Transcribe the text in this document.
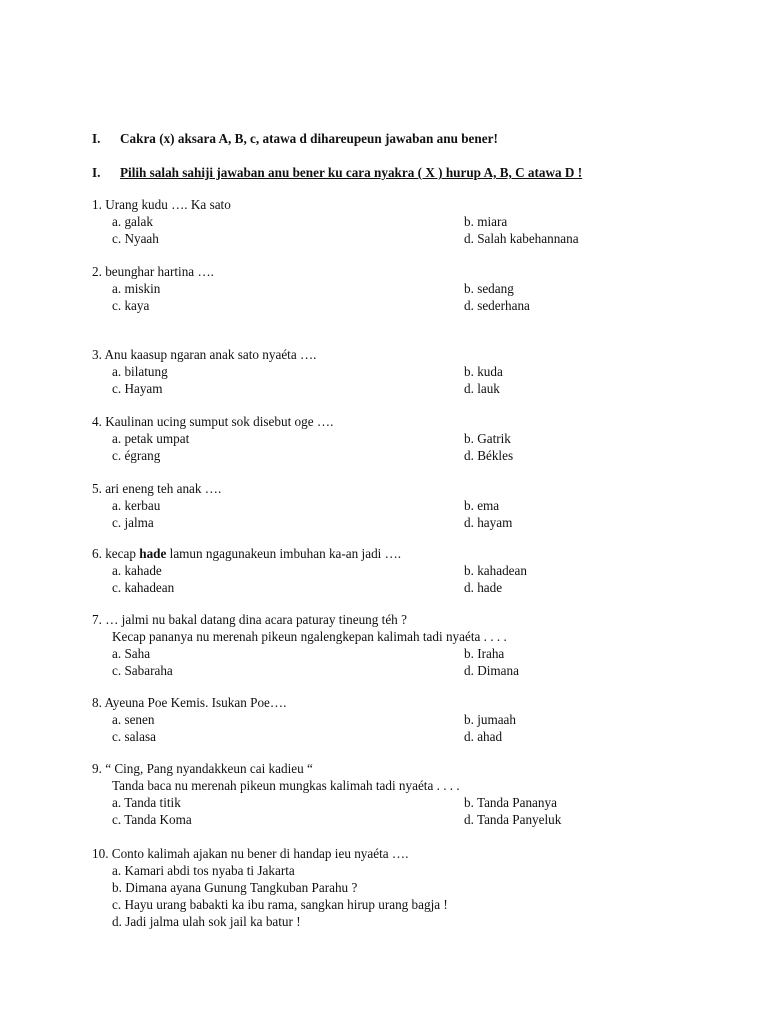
I. Cakra (x) aksara A, B, c, atawa d dihareupeun jawaban anu bener!
I. Pilih salah sahiji jawaban anu bener ku cara nyakra ( X ) hurup A, B, C atawa D !
1. Urang kudu …. Ka sato
a. galak	b. miara
c. Nyaah	d. Salah kabehannana
2. beunghar hartina ….
a. miskin	b. sedang
c. kaya	d. sederhana
3. Anu kaasup ngaran anak sato nyaéta ….
a. bilatung	b. kuda
c. Hayam	d. lauk
4. Kaulinan ucing sumput sok disebut oge ….
a. petak umpat	b. Gatrik
c. égrang	d. Békles
5. ari eneng teh anak ….
a. kerbau	b. ema
c. jalma	d. hayam
6. kecap hade lamun ngagunakeun imbuhan ka-an jadi ….
a. kahade	b. kahadean
c. kahadean	d. hade
7. … jalmi nu bakal datang dina acara paturay tineung téh ?
Kecap pananya nu merenah pikeun ngalengkepan kalimah tadi nyaéta . . . .
a. Saha	b. Iraha
c. Sabaraha	d. Dimana
8. Ayeuna Poe Kemis. Isukan Poe….
a. senen	b. jumaah
c. salasa	d. ahad
9. “ Cing, Pang nyandakkeun cai kadieu “
Tanda baca nu merenah pikeun mungkas kalimah tadi nyaéta . . . .
a. Tanda titik	b. Tanda Pananya
c. Tanda Koma	d. Tanda Panyeluk
10. Conto kalimah ajakan nu bener di handap ieu nyaéta ….
a. Kamari abdi tos nyaba ti Jakarta
b. Dimana ayana Gunung Tangkuban Parahu ?
c. Hayu urang babakti ka ibu rama, sangkan hirup urang bagja !
d. Jadi jalma ulah sok jail ka batur !
